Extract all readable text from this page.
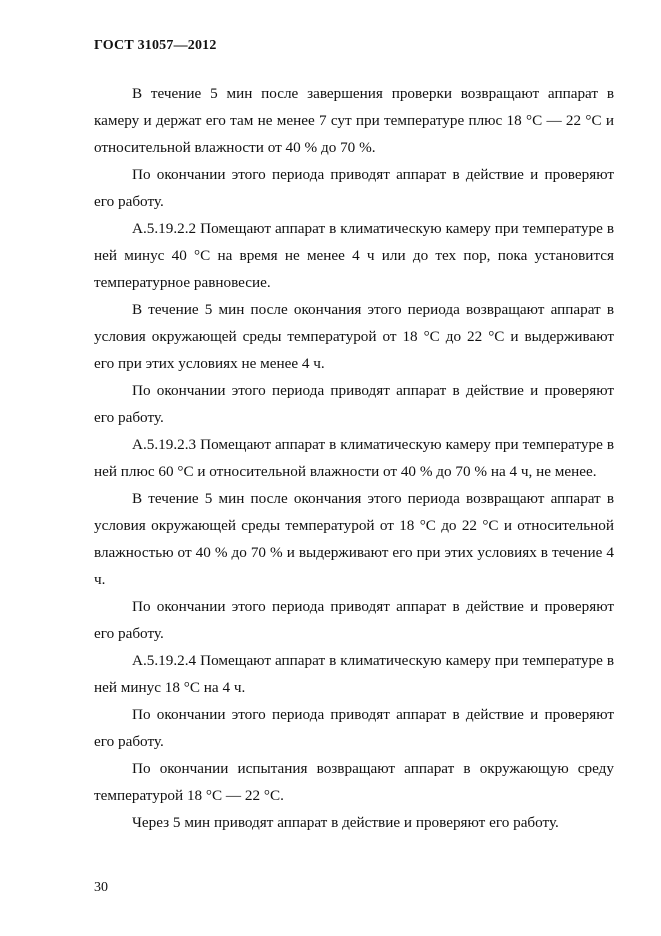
ГОСТ 31057—2012

В течение 5 мин после завершения проверки возвращают аппарат в камеру и держат его там не менее 7 сут при температуре плюс 18 °С — 22 °С и относительной влажности от 40 % до 70 %.

По окончании этого периода приводят аппарат в действие и проверяют его работу.

А.5.19.2.2 Помещают аппарат в климатическую камеру при температуре в ней минус 40 °С на время не менее 4 ч или до тех пор, пока установится температурное равновесие.

В течение 5 мин после окончания этого периода возвращают аппарат в условия окружающей среды температурой от 18 °С до 22 °С и выдерживают его при этих условиях не менее 4 ч.

По окончании этого периода приводят аппарат в действие и проверяют его работу.

А.5.19.2.3 Помещают аппарат в климатическую камеру при температуре в ней плюс 60 °С и относительной влажности от 40 % до 70 % на 4 ч, не менее.

В течение 5 мин после окончания этого периода возвращают аппарат в условия окружающей среды температурой от 18 °С до 22 °С и относительной влажностью от 40 % до 70 % и выдерживают его при этих условиях в течение 4 ч.

По окончании этого периода приводят аппарат в действие и проверяют его работу.

А.5.19.2.4 Помещают аппарат в климатическую камеру при температуре в ней минус 18 °С на 4 ч.

По окончании этого периода приводят аппарат в действие и проверяют его работу.

По окончании испытания возвращают аппарат в окружающую среду температурой 18 °С — 22 °С.

Через 5 мин приводят аппарат в действие и проверяют его работу.

30
